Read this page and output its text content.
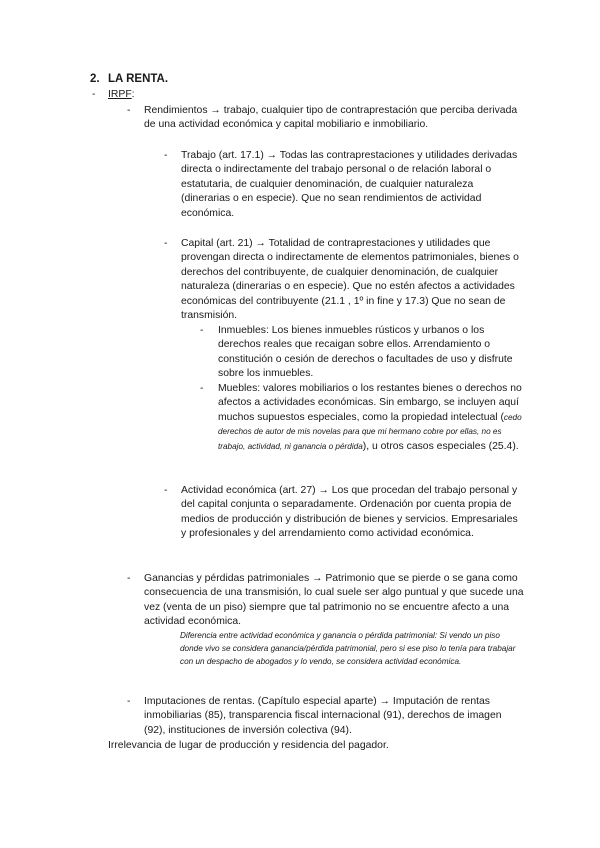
2. LA RENTA.
- IRPF:
- Rendimientos → trabajo, cualquier tipo de contraprestación que perciba derivada de una actividad económica y capital mobiliario e inmobiliario.

- Trabajo (art. 17.1) → Todas las contraprestaciones y utilidades derivadas directa o indirectamente del trabajo personal o de relación laboral o estatutaria, de cualquier denominación, de cualquier naturaleza (dinerarias o en especie). Que no sean rendimientos de actividad económica.

- Capital (art. 21) → Totalidad de contraprestaciones y utilidades que provengan directa o indirectamente de elementos patrimoniales, bienes o derechos del contribuyente, de cualquier denominación, de cualquier naturaleza (dinerarias o en especie). Que no estén afectos a actividades económicas del contribuyente (21.1 , 1º in fine y 17.3) Que no sean de transmisión.

- Inmuebles: Los bienes inmuebles rústicos y urbanos o los derechos reales que recaigan sobre ellos. Arrendamiento o constitución o cesión de derechos o facultades de uso y disfrute sobre los inmuebles.

- Muebles: valores mobiliarios o los restantes bienes o derechos no afectos a actividades económicas. Sin embargo, se incluyen aquí muchos supuestos especiales, como la propiedad intelectual (cedo derechos de autor de mis novelas para que mi hermano cobre por ellas, no es trabajo, actividad, ni ganancia o pérdida), u otros casos especiales (25.4).

- Actividad económica (art. 27) → Los que procedan del trabajo personal y del capital conjunta o separadamente. Ordenación por cuenta propia de medios de producción y distribución de bienes y servicios. Empresariales y profesionales y del arrendamiento como actividad económica.

- Ganancias y pérdidas patrimoniales → Patrimonio que se pierde o se gana como consecuencia de una transmisión, lo cual suele ser algo puntual y que sucede una vez (venta de un piso) siempre que tal patrimonio no se encuentre afecto a una actividad económica.

Diferencia entre actividad económica y ganancia o pérdida patrimonial: Si vendo un piso donde vivo se considera ganancia/pérdida patrimonial, pero si ese piso lo tenía para trabajar con un despacho de abogados y lo vendo, se considera actividad económica.

- Imputaciones de rentas. (Capítulo especial aparte) → Imputación de rentas inmobiliarias (85), transparencia fiscal internacional (91), derechos de imagen (92), instituciones de inversión colectiva (94).

Irrelevancia de lugar de producción y residencia del pagador.
